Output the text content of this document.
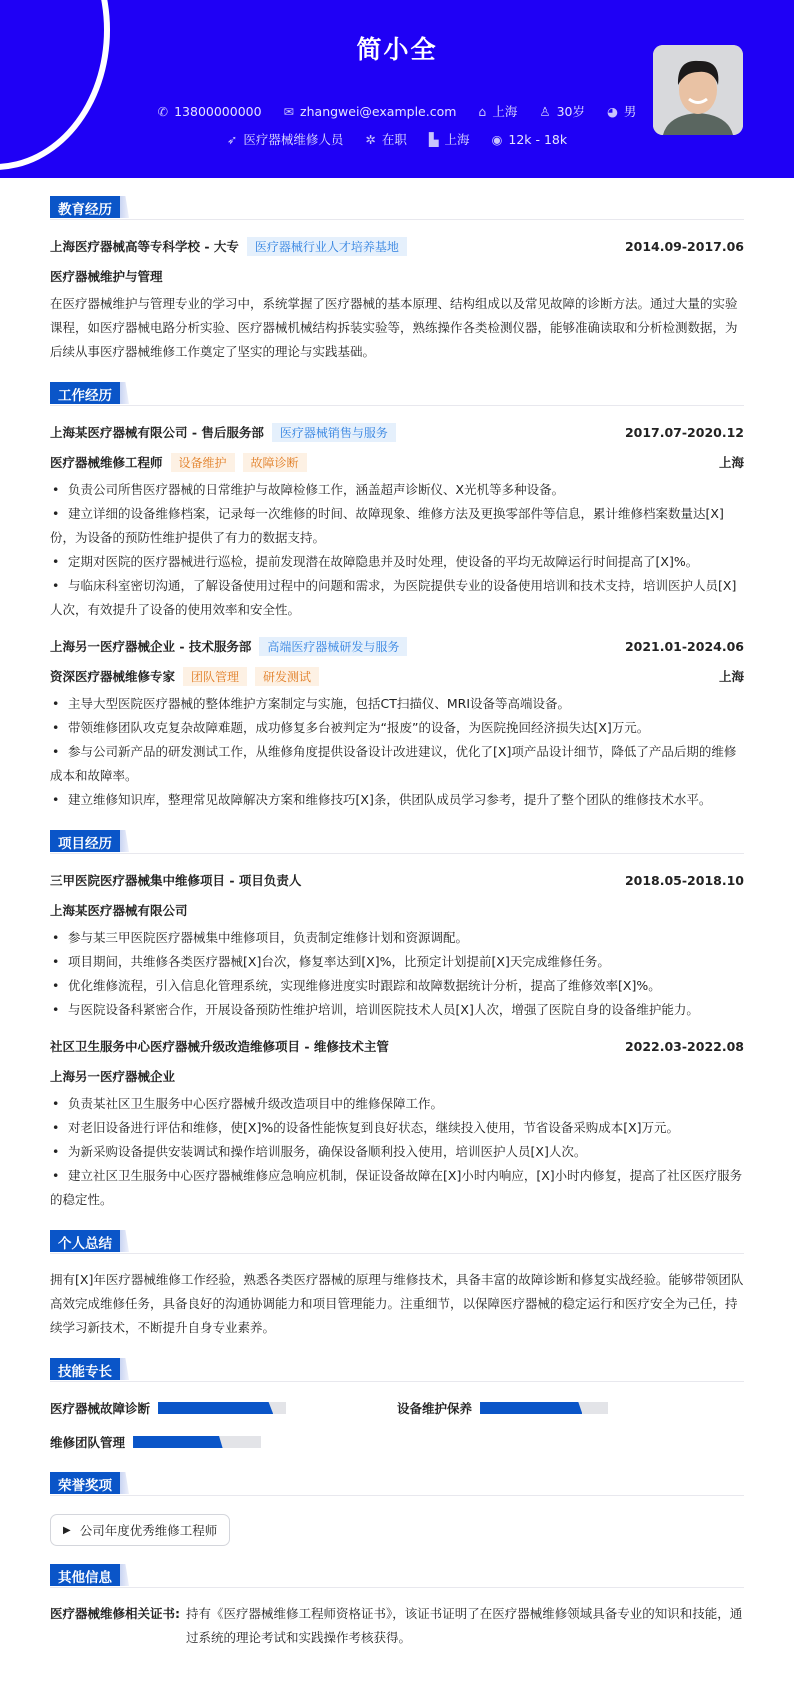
简小全
✆ 13800000000 ✉ zhangwei@example.com ⌂ 上海 ♙ 30岁 ◕ 男
➶ 医疗器械维修人员 ✲ 在职 ▙ 上海 ◉ 12k - 18k
教育经历
上海医疗器械高等专科学校 - 大专	医疗器械行业人才培养基地	2014.09-2017.06
医疗器械维护与管理

在医疗器械维护与管理专业的学习中，系统掌握了医疗器械的基本原理、结构组成以及常见故障的诊断方法。通过大量的实验课程，如医疗器械电路分析实验、医疗器械机械结构拆装实验等，熟练操作各类检测仪器，能够准确读取和分析检测数据，为后续从事医疗器械维修工作奠定了坚实的理论与实践基础。

工作经历
上海某医疗器械有限公司 - 售后服务部	医疗器械销售与服务	2017.07-2020.12
医疗器械维修工程师	设备维护	故障诊断	上海
• 负责公司所售医疗器械的日常维护与故障检修工作，涵盖超声诊断仪、X光机等多种设备。
• 建立详细的设备维修档案，记录每一次维修的时间、故障现象、维修方法及更换零部件等信息，累计维修档案数量达[X]份，为设备的预防性维护提供了有力的数据支持。
• 定期对医院的医疗器械进行巡检，提前发现潜在故障隐患并及时处理，使设备的平均无故障运行时间提高了[X]%。
• 与临床科室密切沟通，了解设备使用过程中的问题和需求，为医院提供专业的设备使用培训和技术支持，培训医护人员[X]人次，有效提升了设备的使用效率和安全性。
上海另一医疗器械企业 - 技术服务部	高端医疗器械研发与服务	2021.01-2024.06
资深医疗器械维修专家	团队管理	研发测试	上海
• 主导大型医院医疗器械的整体维护方案制定与实施，包括CT扫描仪、MRI设备等高端设备。
• 带领维修团队攻克复杂故障难题，成功修复多台被判定为“报废”的设备，为医院挽回经济损失达[X]万元。
• 参与公司新产品的研发测试工作，从维修角度提供设备设计改进建议，优化了[X]项产品设计细节，降低了产品后期的维修成本和故障率。
• 建立维修知识库，整理常见故障解决方案和维修技巧[X]条，供团队成员学习参考，提升了整个团队的维修技术水平。
项目经历
三甲医院医疗器械集中维修项目 - 项目负责人	2018.05-2018.10
上海某医疗器械有限公司
• 参与某三甲医院医疗器械集中维修项目，负责制定维修计划和资源调配。
• 项目期间，共维修各类医疗器械[X]台次，修复率达到[X]%，比预定计划提前[X]天完成维修任务。
• 优化维修流程，引入信息化管理系统，实现维修进度实时跟踪和故障数据统计分析，提高了维修效率[X]%。
• 与医院设备科紧密合作，开展设备预防性维护培训，培训医院技术人员[X]人次，增强了医院自身的设备维护能力。
社区卫生服务中心医疗器械升级改造维修项目 - 维修技术主管	2022.03-2022.08
上海另一医疗器械企业
• 负责某社区卫生服务中心医疗器械升级改造项目中的维修保障工作。
• 对老旧设备进行评估和维修，使[X]%的设备性能恢复到良好状态，继续投入使用，节省设备采购成本[X]万元。
• 为新采购设备提供安装调试和操作培训服务，确保设备顺利投入使用，培训医护人员[X]人次。
• 建立社区卫生服务中心医疗器械维修应急响应机制，保证设备故障在[X]小时内响应，[X]小时内修复，提高了社区医疗服务的稳定性。
个人总结

拥有[X]年医疗器械维修工作经验，熟悉各类医疗器械的原理与维修技术，具备丰富的故障诊断和修复实战经验。能够带领团队高效完成维修任务，具备良好的沟通协调能力和项目管理能力。注重细节，以保障医疗器械的稳定运行和医疗安全为己任，持续学习新技术，不断提升自身专业素养。

技能专长
医疗器械故障诊断	设备维护保养
维修团队管理
荣誉奖项
▶ 公司年度优秀维修工程师
其他信息
医疗器械维修相关证书: 持有《医疗器械维修工程师资格证书》，该证书证明了在医疗器械维修领域具备专业的知识和技能，通过系统的理论考试和实践操作考核获得。
